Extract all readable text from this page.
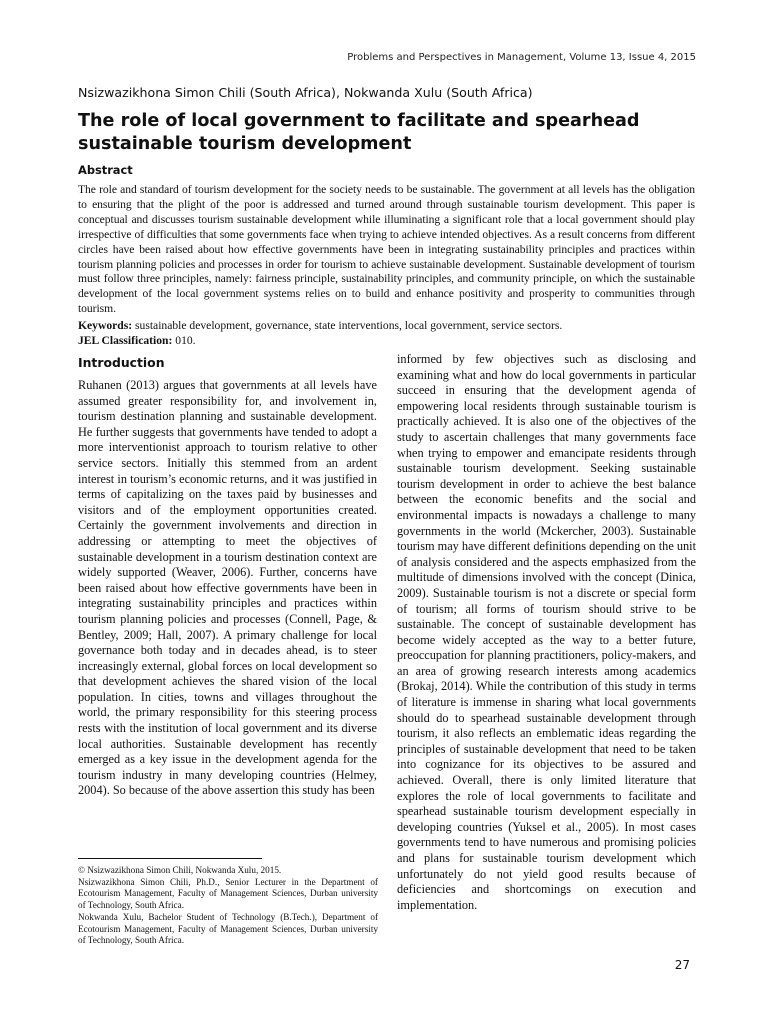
Problems and Perspectives in Management, Volume 13, Issue 4, 2015
Nsizwazikhona Simon Chili (South Africa), Nokwanda Xulu (South Africa)
The role of local government to facilitate and spearhead sustainable tourism development
Abstract

The role and standard of tourism development for the society needs to be sustainable. The government at all levels has the obligation to ensuring that the plight of the poor is addressed and turned around through sustainable tourism development. This paper is conceptual and discusses tourism sustainable development while illuminating a significant role that a local government should play irrespective of difficulties that some governments face when trying to achieve intended objectives. As a result concerns from different circles have been raised about how effective governments have been in integrating sustainability principles and practices within tourism planning policies and processes in order for tourism to achieve sustainable development. Sustainable development of tourism must follow three principles, namely: fairness principle, sustainability principles, and community principle, on which the sustainable development of the local government systems relies on to build and enhance positivity and prosperity to communities through tourism.

Keywords: sustainable development, governance, state interventions, local government, service sectors.
JEL Classification: 010.
Introduction

Ruhanen (2013) argues that governments at all levels have assumed greater responsibility for, and involvement in, tourism destination planning and sustainable development. He further suggests that governments have tended to adopt a more interventionist approach to tourism relative to other service sectors. Initially this stemmed from an ardent interest in tourism’s economic returns, and it was justified in terms of capitalizing on the taxes paid by businesses and visitors and of the employment opportunities created. Certainly the government involvements and direction in addressing or attempting to meet the objectives of sustainable development in a tourism destination context are widely supported (Weaver, 2006). Further, concerns have been raised about how effective governments have been in integrating sustainability principles and practices within tourism planning policies and processes (Connell, Page, & Bentley, 2009; Hall, 2007). A primary challenge for local governance both today and in decades ahead, is to steer increasingly external, global forces on local development so that development achieves the shared vision of the local population. In cities, towns and villages throughout the world, the primary responsibility for this steering process rests with the institution of local government and its diverse local authorities. Sustainable development has recently emerged as a key issue in the development agenda for the tourism industry in many developing countries (Helmey, 2004). So because of the above assertion this study has been

informed by few objectives such as disclosing and examining what and how do local governments in particular succeed in ensuring that the development agenda of empowering local residents through sustainable tourism is practically achieved. It is also one of the objectives of the study to ascertain challenges that many governments face when trying to empower and emancipate residents through sustainable tourism development. Seeking sustainable tourism development in order to achieve the best balance between the economic benefits and the social and environmental impacts is nowadays a challenge to many governments in the world (Mckercher, 2003). Sustainable tourism may have different definitions depending on the unit of analysis considered and the aspects emphasized from the multitude of dimensions involved with the concept (Dinica, 2009). Sustainable tourism is not a discrete or special form of tourism; all forms of tourism should strive to be sustainable. The concept of sustainable development has become widely accepted as the way to a better future, preoccupation for planning practitioners, policy-makers, and an area of growing research interests among academics (Brokaj, 2014). While the contribution of this study in terms of literature is immense in sharing what local governments should do to spearhead sustainable development through tourism, it also reflects an emblematic ideas regarding the principles of sustainable development that need to be taken into cognizance for its objectives to be assured and achieved. Overall, there is only limited literature that explores the role of local governments to facilitate and spearhead sustainable tourism development especially in developing countries (Yuksel et al., 2005). In most cases governments tend to have numerous and promising policies and plans for sustainable tourism development which unfortunately do not yield good results because of deficiencies and shortcomings on execution and implementation.

© Nsizwazikhona Simon Chili, Nokwanda Xulu, 2015.

Nsizwazikhona Simon Chili, Ph.D., Senior Lecturer in the Department of Ecotourism Management, Faculty of Management Sciences, Durban university of Technology, South Africa.

Nokwanda Xulu, Bachelor Student of Technology (B.Tech.), Department of Ecotourism Management, Faculty of Management Sciences, Durban university of Technology, South Africa.

27
